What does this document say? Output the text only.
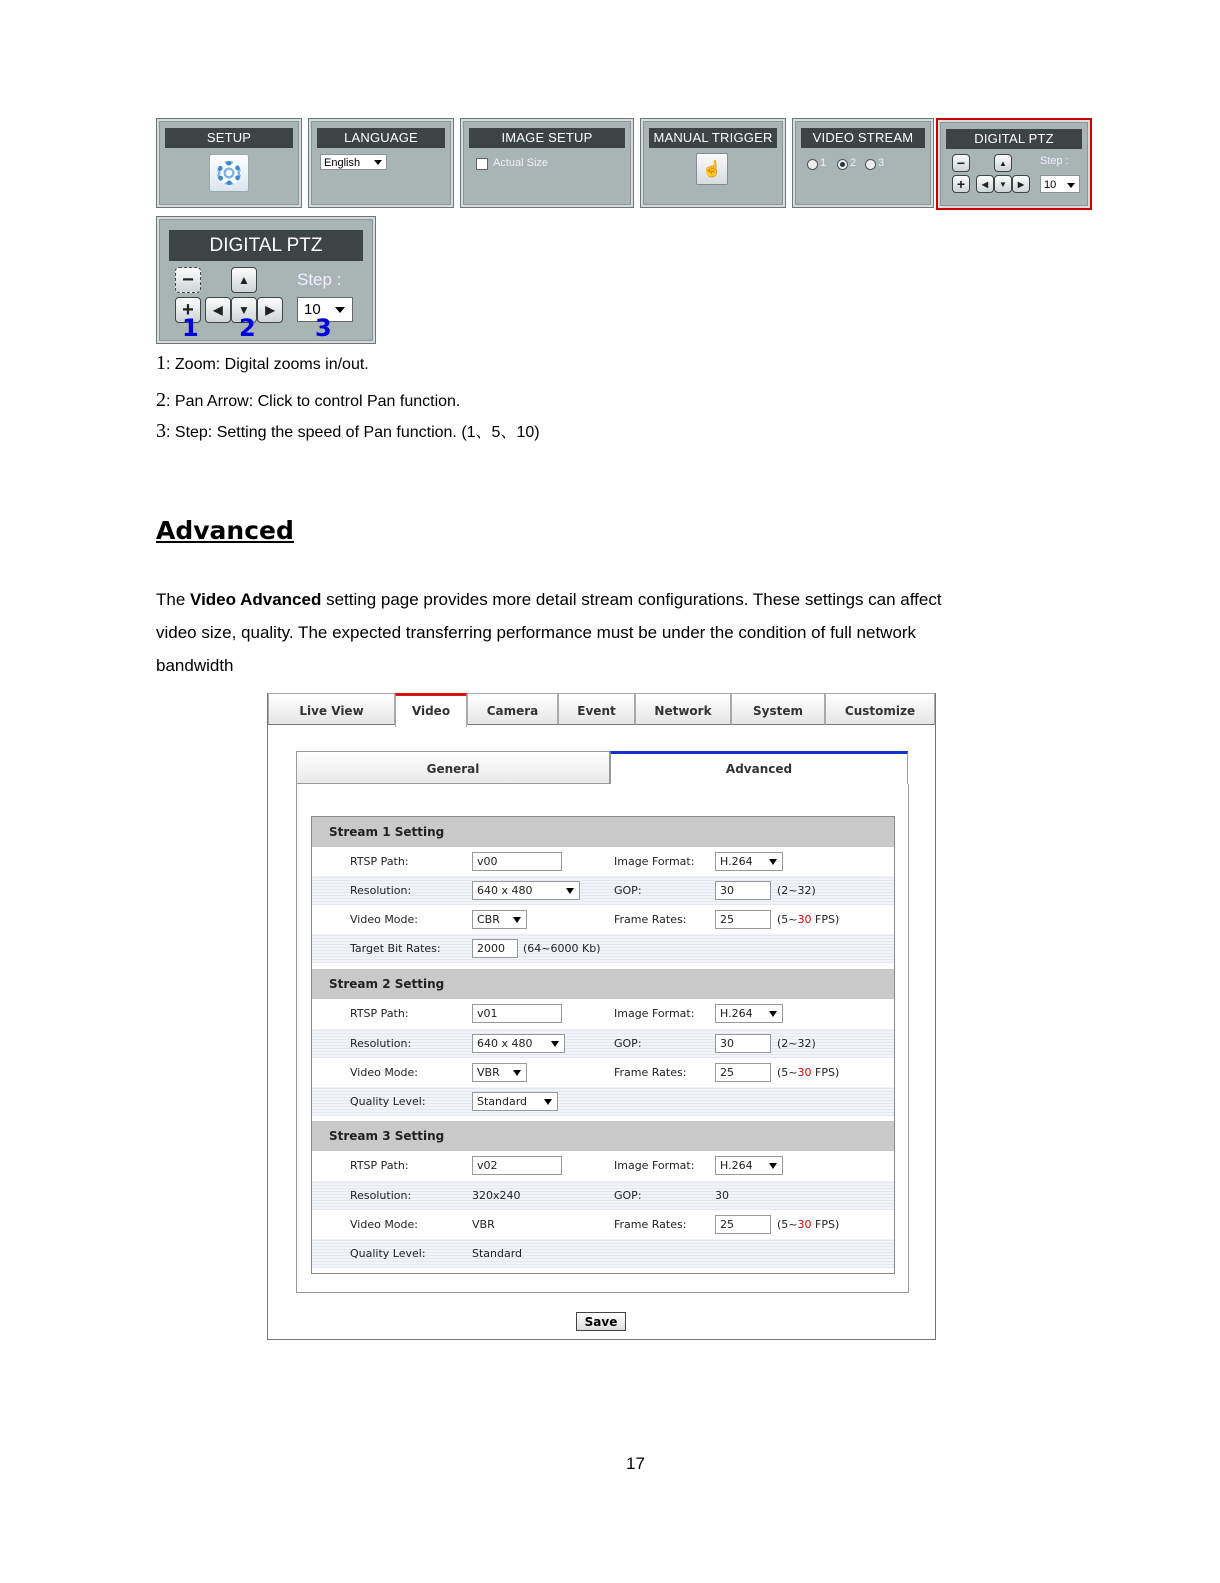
SETUP	LANGUAGE
English
IMAGE SETUP
Actual Size
MANUAL TRIGGER
☝
VIDEO STREAM
1 2 3
DIGITAL PTZ
−
+
▲
◀	▼	▶
Step :
10
DIGITAL PTZ
−
+
▲
◀	▼	▶
Step :
10
1 2 3
1: Zoom: Digital zooms in/out.
2: Pan Arrow: Click to control Pan function.
3: Step: Setting the speed of Pan function. (1、5、10)
Advanced
The Video Advanced setting page provides more detail stream configurations. These settings can affect
video size, quality. The expected transferring performance must be under the condition of full network
bandwidth
Live View	Video	Camera	Event	Network	System	Customize
General	Advanced
Stream 1 Setting
RTSP Path:	v00	Image Format:	H.264
Resolution:	640 x 480	GOP:	30	(2~32)
Video Mode:	CBR	Frame Rates:	25	(5~30 FPS)
Target Bit Rates:	2000	(64~6000 Kb)
Stream 2 Setting
RTSP Path:	v01	Image Format:	H.264
Resolution:	640 x 480	GOP:	30	(2~32)
Video Mode:	VBR	Frame Rates:	25	(5~30 FPS)
Quality Level:	Standard
Stream 3 Setting
RTSP Path:	v02	Image Format:	H.264
Resolution:	320x240	GOP:	30
Video Mode:	VBR	Frame Rates:	25	(5~30 FPS)
Quality Level:	Standard
Save
17
